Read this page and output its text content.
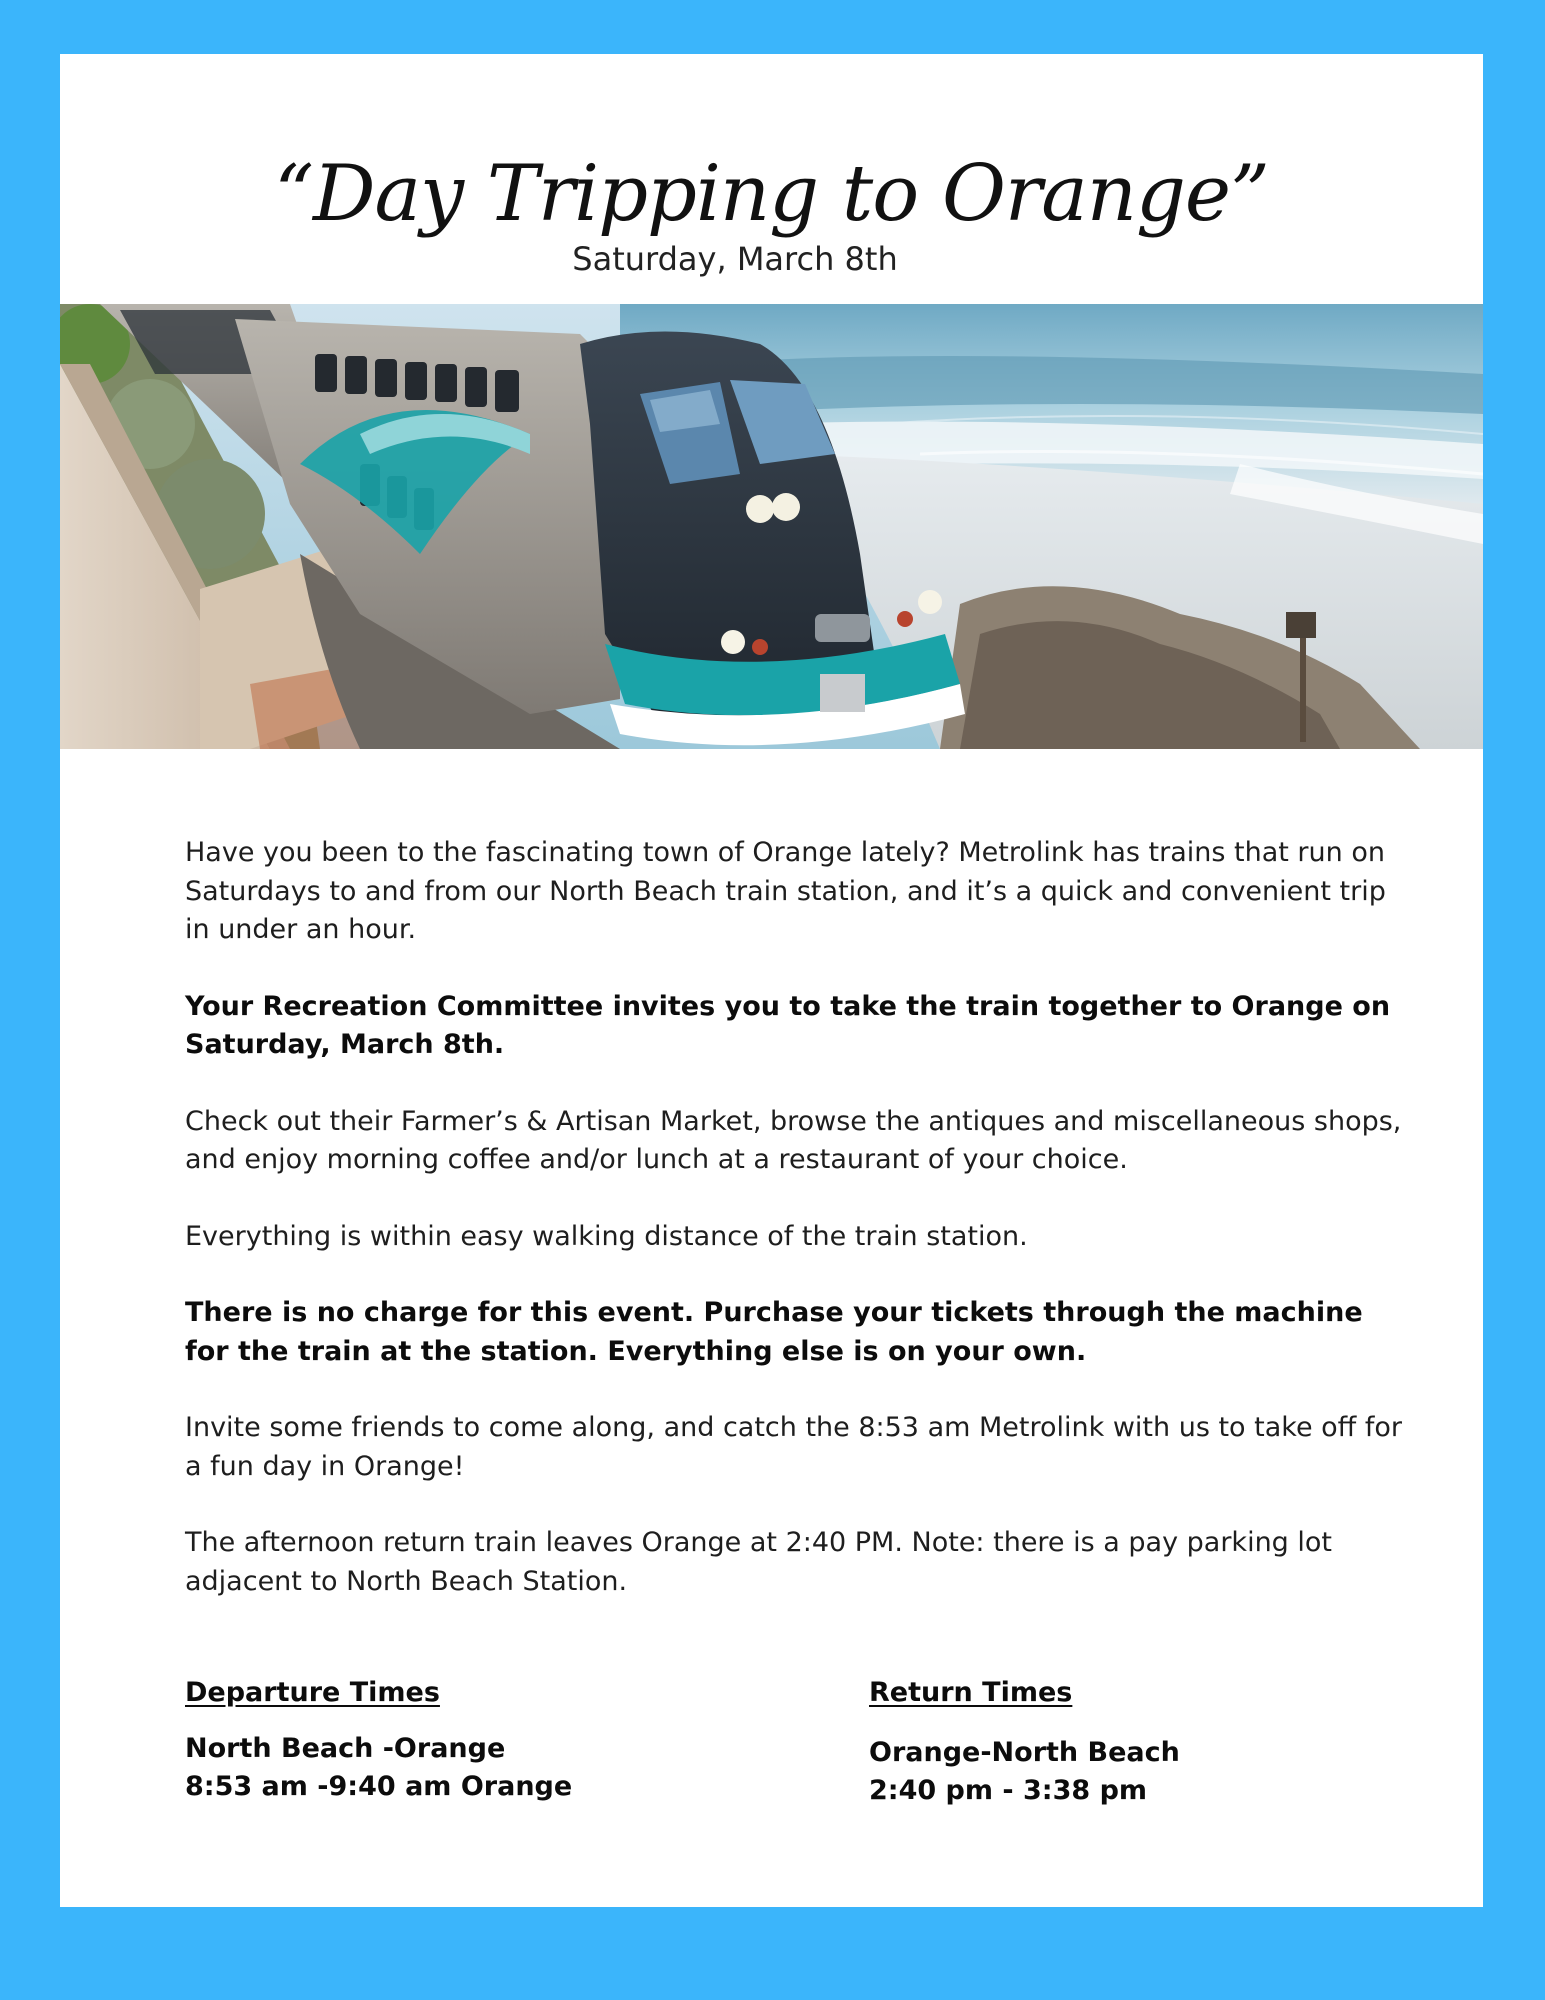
“Day Tripping to Orange”
Saturday, March 8th

Have you been to the fascinating town of Orange lately? Metrolink has trains that run on Saturdays to and from our North Beach train station, and it’s a quick and convenient trip in under an hour.

Your Recreation Committee invites you to take the train together to Orange on Saturday, March 8th.

Check out their Farmer’s & Artisan Market, browse the antiques and miscellaneous shops, and enjoy morning coffee and/or lunch at a restaurant of your choice.

Everything is within easy walking distance of the train station.

There is no charge for this event. Purchase your tickets through the machine for the train at the station. Everything else is on your own.

Invite some friends to come along, and catch the 8:53 am Metrolink with us to take off for a fun day in Orange!

The afternoon return train leaves Orange at 2:40 PM. Note: there is a pay parking lot adjacent to North Beach Station.

Departure Times
North Beach -Orange
8:53 am -9:40 am Orange
Return Times
Orange-North Beach
2:40 pm - 3:38 pm
